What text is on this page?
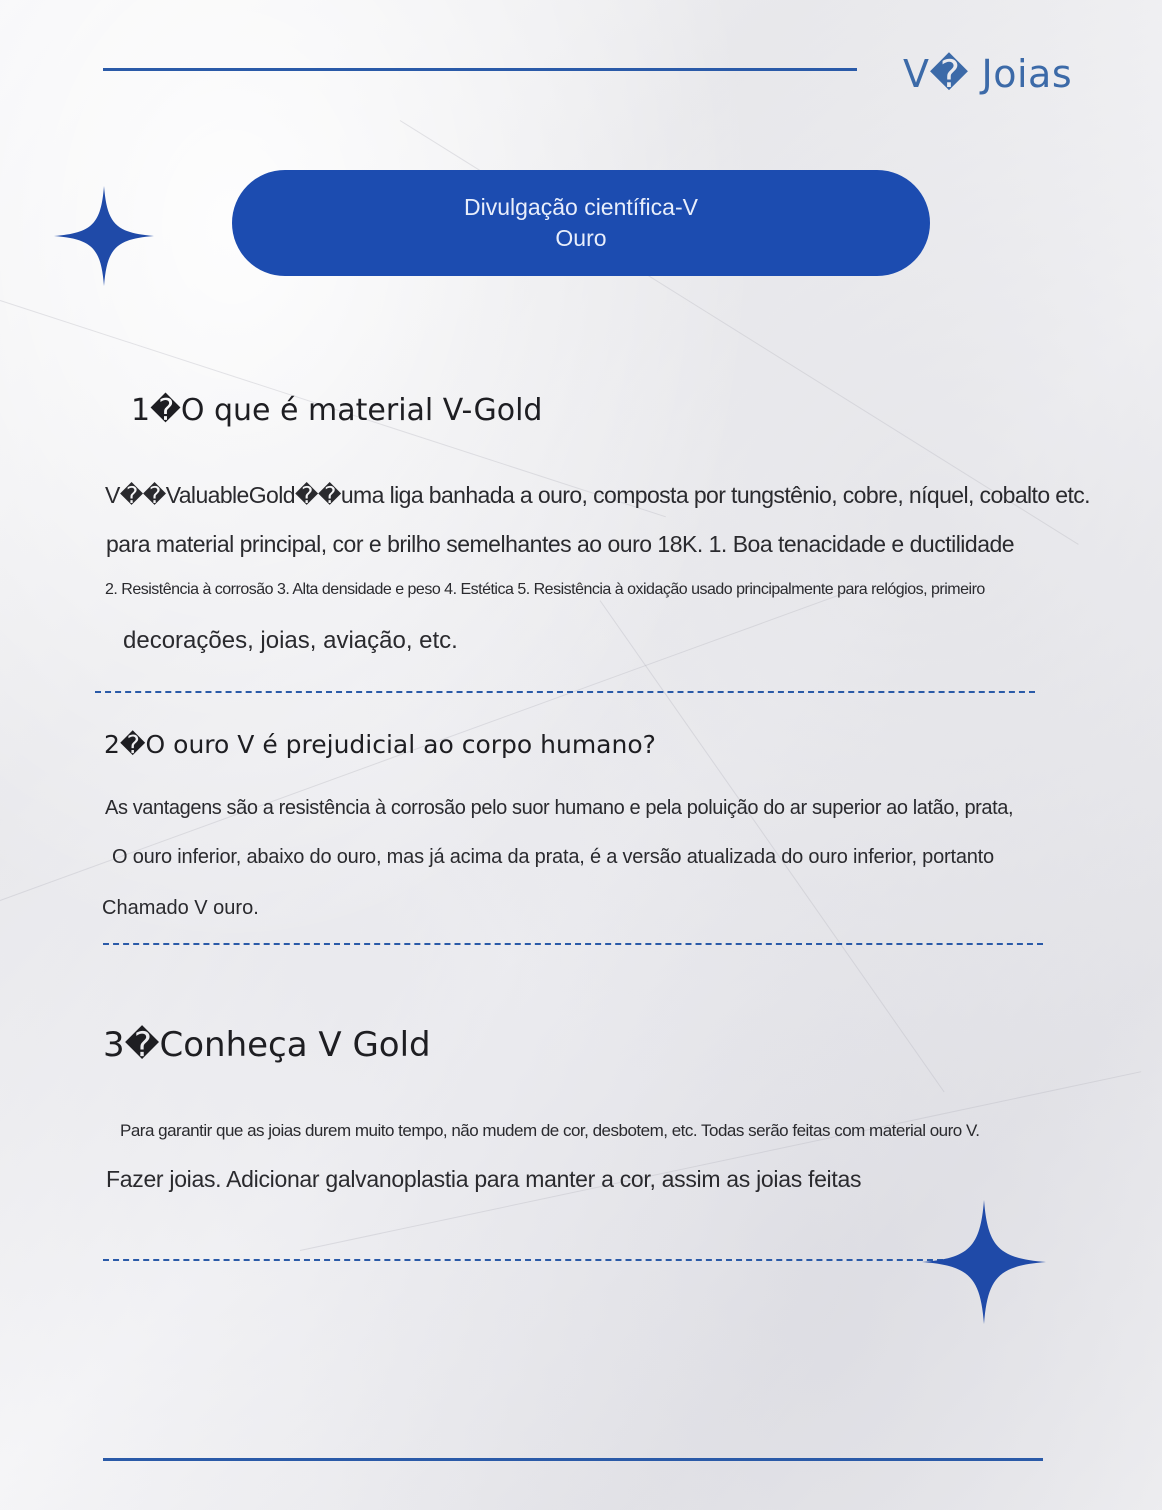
V� Joias
Divulgação científica-V
Ouro
1�O que é material V-Gold
V��ValuableGold��uma liga banhada a ouro, composta por tungstênio, cobre, níquel, cobalto etc.
para material principal, cor e brilho semelhantes ao ouro 18K. 1. Boa tenacidade e ductilidade
2. Resistência à corrosão 3. Alta densidade e peso 4. Estética 5. Resistência à oxidação usado principalmente para relógios, primeiro
decorações, joias, aviação, etc.
2�O ouro V é prejudicial ao corpo humano?
As vantagens são a resistência à corrosão pelo suor humano e pela poluição do ar superior ao latão, prata,
O ouro inferior, abaixo do ouro, mas já acima da prata, é a versão atualizada do ouro inferior, portanto
Chamado V ouro.
3�Conheça V Gold
Para garantir que as joias durem muito tempo, não mudem de cor, desbotem, etc. Todas serão feitas com material ouro V.
Fazer joias. Adicionar galvanoplastia para manter a cor, assim as joias feitas
